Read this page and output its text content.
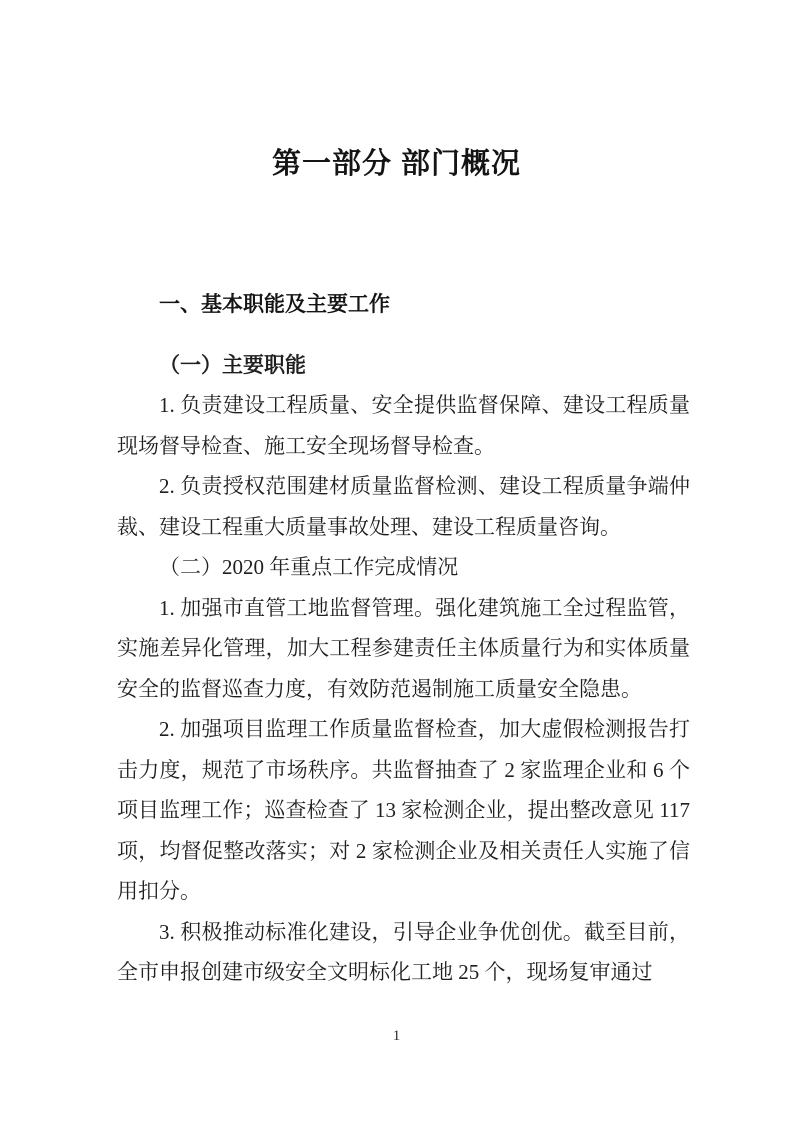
第一部分 部门概况
一、基本职能及主要工作

（一）主要职能

1. 负责建设工程质量、安全提供监督保障、建设工程质量现场督导检查、施工安全现场督导检查。

2. 负责授权范围建材质量监督检测、建设工程质量争端仲裁、建设工程重大质量事故处理、建设工程质量咨询。

（二）2020 年重点工作完成情况

1. 加强市直管工地监督管理。强化建筑施工全过程监管，实施差异化管理，加大工程参建责任主体质量行为和实体质量安全的监督巡查力度，有效防范遏制施工质量安全隐患。

2. 加强项目监理工作质量监督检查，加大虚假检测报告打击力度，规范了市场秩序。共监督抽查了 2 家监理企业和 6 个项目监理工作；巡查检查了 13 家检测企业，提出整改意见 117 项，均督促整改落实；对 2 家检测企业及相关责任人实施了信用扣分。

3. 积极推动标准化建设，引导企业争优创优。截至目前，全市申报创建市级安全文明标化工地 25 个，现场复审通过

1
